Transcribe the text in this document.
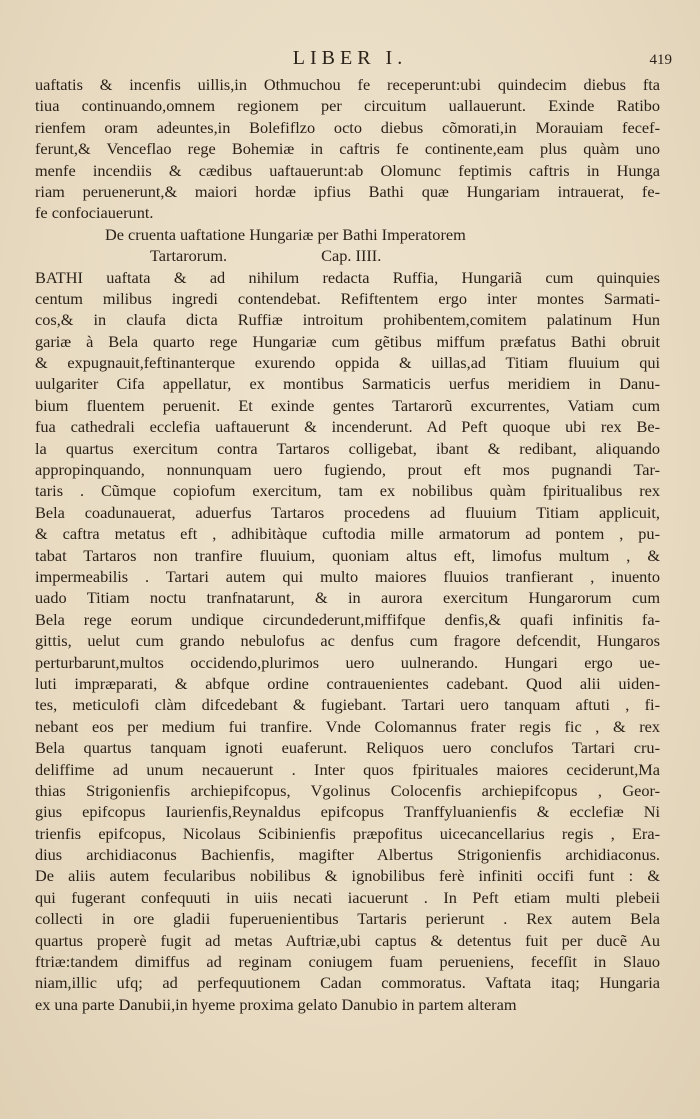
LIBER I.	419
uaftatis & incenfis uillis,in Othmuchou fe receperunt:ubi quindecim diebus fta
tiua continuando,omnem regionem per circuitum uallauerunt. Exinde Ratibo
rienfem oram adeuntes,in Bolefiflzo octo diebus cõmorati,in Morauiam fecef-
ferunt,& Venceflao rege Bohemiæ in caftris fe continente,eam plus quàm uno
menfe incendiis & cædibus uaftauerunt:ab Olomunc feptimis caftris in Hunga
riam peruenerunt,& maiori hordæ ipfius Bathi quæ Hungariam intrauerat, fe-
fe confociauerunt.
De cruenta uaftatione Hungariæ per Bathi Imperatorem
Tartarorum.	Cap. IIII.
BATHI uaftata & ad nihilum redacta Ruffia, Hungariã cum quinquies
centum milibus ingredi contendebat. Refiftentem ergo inter montes Sarmati-
cos,& in claufa dicta Ruffiæ introitum prohibentem,comitem palatinum Hun
gariæ à Bela quarto rege Hungariæ cum gẽtibus miffum præfatus Bathi obruit
& expugnauit,feftinanterque exurendo oppida & uillas,ad Titiam fluuium qui
uulgariter Cifa appellatur, ex montibus Sarmaticis uerfus meridiem in Danu-
bium fluentem peruenit. Et exinde gentes Tartarorũ excurrentes, Vatiam cum
fua cathedrali ecclefia uaftauerunt & incenderunt. Ad Peft quoque ubi rex Be-
la quartus exercitum contra Tartaros colligebat, ibant & redibant, aliquando
appropinquando, nonnunquam uero fugiendo, prout eft mos pugnandi Tar-
taris . Cũmque copiofum exercitum, tam ex nobilibus quàm fpiritualibus rex
Bela coadunauerat, aduerfus Tartaros procedens ad fluuium Titiam applicuit,
& caftra metatus eft , adhibitàque cuftodia mille armatorum ad pontem , pu-
tabat Tartaros non tranfire fluuium, quoniam altus eft, limofus multum , &
impermeabilis . Tartari autem qui multo maiores fluuios tranfierant , inuento
uado Titiam noctu tranfnatarunt, & in aurora exercitum Hungarorum cum
Bela rege eorum undique circundederunt,miffifque denfis,& quafi infinitis fa-
gittis, uelut cum grando nebulofus ac denfus cum fragore defcendit, Hungaros
perturbarunt,multos occidendo,plurimos uero uulnerando. Hungari ergo ue-
luti impræparati, & abfque ordine contrauenientes cadebant. Quod alii uiden-
tes, meticulofi clàm difcedebant & fugiebant. Tartari uero tanquam aftuti , fi-
nebant eos per medium fui tranfire. Vnde Colomannus frater regis fic , & rex
Bela quartus tanquam ignoti euaferunt. Reliquos uero conclufos Tartari cru-
deliffime ad unum necauerunt . Inter quos fpirituales maiores ceciderunt,Ma
thias Strigonienfis archiepifcopus, Vgolinus Colocenfis archiepifcopus , Geor-
gius epifcopus Iaurienfis,Reynaldus epifcopus Tranffyluanienfis & ecclefiæ Ni
trienfis epifcopus, Nicolaus Scibinienfis præpofitus uicecancellarius regis , Era-
dius archidiaconus Bachienfis, magifter Albertus Strigonienfis archidiaconus.
De aliis autem fecularibus nobilibus & ignobilibus ferè infiniti occifi funt : &
qui fugerant confequuti in uiis necati iacuerunt . In Peft etiam multi plebeii
collecti in ore gladii fuperuenientibus Tartaris perierunt . Rex autem Bela
quartus properè fugit ad metas Auftriæ,ubi captus & detentus fuit per ducẽ Au
ftriæ:tandem dimiffus ad reginam coniugem fuam perueniens, fecefſit in Slauo
niam,illic ufq; ad perfequutionem Cadan commoratus. Vaftata itaq; Hungaria
ex una parte Danubii,in hyeme proxima gelato Danubio in partem alteram
